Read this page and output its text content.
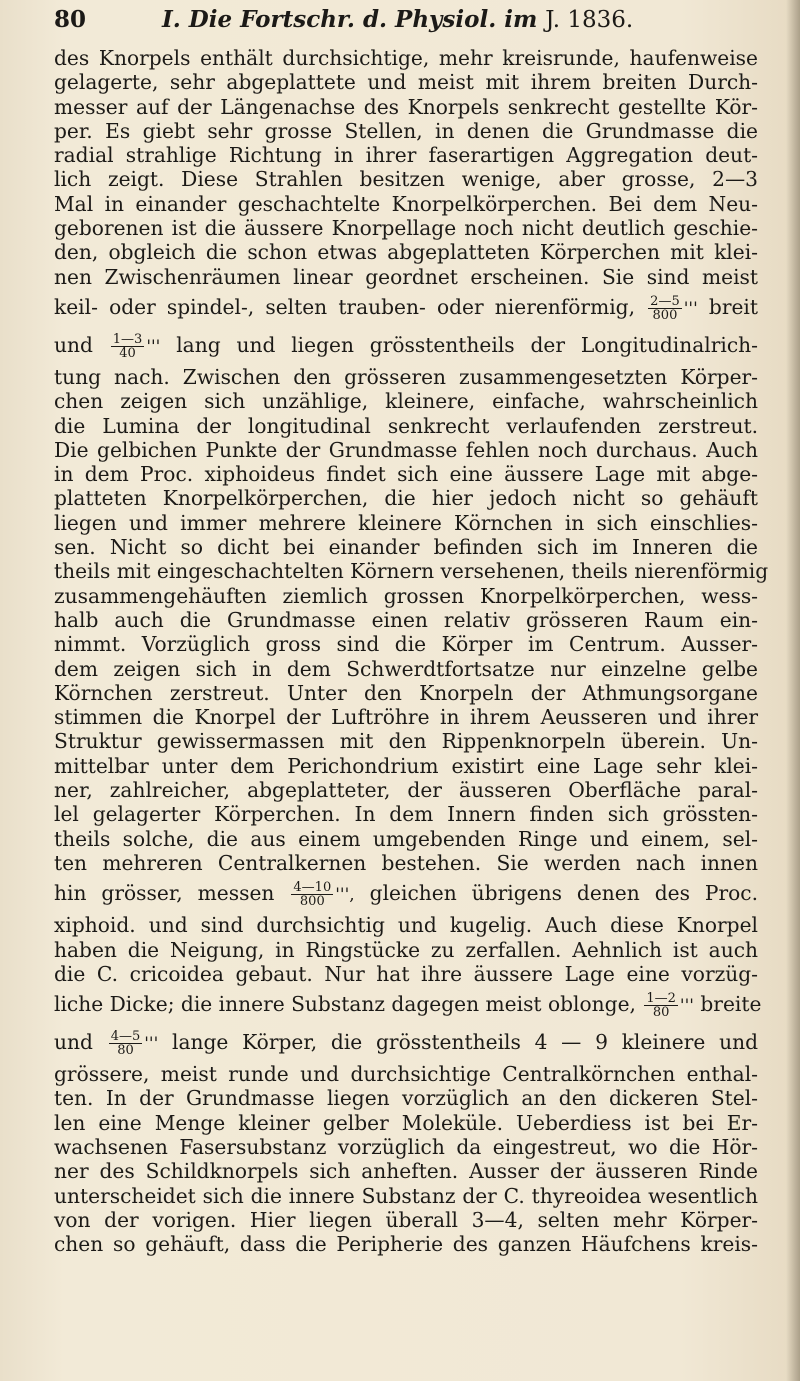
80	I. Die Fortschr. d. Physiol. im J. 1836.
des Knorpels enthält durchsichtige, mehr kreisrunde, haufenweise
gelagerte, sehr abgeplattete und meist mit ihrem breiten Durch-
messer auf der Längenachse des Knorpels senkrecht gestellte Kör-
per. Es giebt sehr grosse Stellen, in denen die Grundmasse die
radial strahlige Richtung in ihrer faserartigen Aggregation deut-
lich zeigt. Diese Strahlen besitzen wenige, aber grosse, 2—3
Mal in einander geschachtelte Knorpelkörperchen. Bei dem Neu-
geborenen ist die äussere Knorpellage noch nicht deutlich geschie-
den, obgleich die schon etwas abgeplatteten Körperchen mit klei-
nen Zwischenräumen linear geordnet erscheinen. Sie sind meist
keil- oder spindel-, selten trauben- oder nierenförmig, $\frac{2—5}{800}$ ''' breit
und $\frac{1—3}{40}$ ''' lang und liegen grösstentheils der Longitudinalrich-
tung nach. Zwischen den grösseren zusammengesetzten Körper-
chen zeigen sich unzählige, kleinere, einfache, wahrscheinlich
die Lumina der longitudinal senkrecht verlaufenden zerstreut.
Die gelbichen Punkte der Grundmasse fehlen noch durchaus. Auch
in dem Proc. xiphoideus findet sich eine äussere Lage mit abge-
platteten Knorpelkörperchen, die hier jedoch nicht so gehäuft
liegen und immer mehrere kleinere Körnchen in sich einschlies-
sen. Nicht so dicht bei einander befinden sich im Inneren die
theils mit eingeschachtelten Körnern versehenen, theils nierenförmig
zusammengehäuften ziemlich grossen Knorpelkörperchen, wess-
halb auch die Grundmasse einen relativ grösseren Raum ein-
nimmt. Vorzüglich gross sind die Körper im Centrum. Ausser-
dem zeigen sich in dem Schwerdtfortsatze nur einzelne gelbe
Körnchen zerstreut. Unter den Knorpeln der Athmungsorgane
stimmen die Knorpel der Luftröhre in ihrem Aeusseren und ihrer
Struktur gewissermassen mit den Rippenknorpeln überein. Un-
mittelbar unter dem Perichondrium existirt eine Lage sehr klei-
ner, zahlreicher, abgeplatteter, der äusseren Oberfläche paral-
lel gelagerter Körperchen. In dem Innern finden sich grössten-
theils solche, die aus einem umgebenden Ringe und einem, sel-
ten mehreren Centralkernen bestehen. Sie werden nach innen
hin grösser, messen $\frac{4—10}{800}$ ''', gleichen übrigens denen des Proc.
xiphoid. und sind durchsichtig und kugelig. Auch diese Knorpel
haben die Neigung, in Ringstücke zu zerfallen. Aehnlich ist auch
die C. cricoidea gebaut. Nur hat ihre äussere Lage eine vorzüg-
liche Dicke; die innere Substanz dagegen meist oblonge, $\frac{1—2}{80}$ ''' breite
und $\frac{4—5}{80}$ ''' lange Körper, die grösstentheils 4 — 9 kleinere und
grössere, meist runde und durchsichtige Centralkörnchen enthal-
ten. In der Grundmasse liegen vorzüglich an den dickeren Stel-
len eine Menge kleiner gelber Moleküle. Ueberdiess ist bei Er-
wachsenen Fasersubstanz vorzüglich da eingestreut, wo die Hör-
ner des Schildknorpels sich anheften. Ausser der äusseren Rinde
unterscheidet sich die innere Substanz der C. thyreoidea wesentlich
von der vorigen. Hier liegen überall 3—4, selten mehr Körper-
chen so gehäuft, dass die Peripherie des ganzen Häufchens kreis-
